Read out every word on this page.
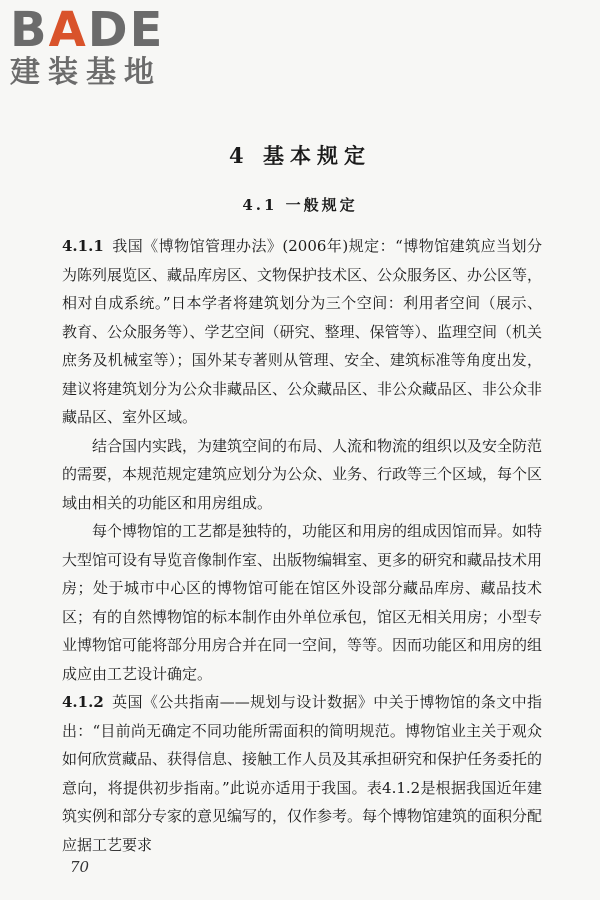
BADE
建装基地
4 基本规定
4.1 一般规定

4.1.1 我国《博物馆管理办法》(2006年)规定：“博物馆建筑应当划分为陈列展览区、藏品库房区、文物保护技术区、公众服务区、办公区等，相对自成系统。”日本学者将建筑划分为三个空间：利用者空间（展示、教育、公众服务等）、学艺空间（研究、整理、保管等）、监理空间（机关庶务及机械室等）；国外某专著则从管理、安全、建筑标准等角度出发，建议将建筑划分为公众非藏品区、公众藏品区、非公众藏品区、非公众非藏品区、室外区域。

结合国内实践，为建筑空间的布局、人流和物流的组织以及安全防范的需要，本规范规定建筑应划分为公众、业务、行政等三个区域，每个区域由相关的功能区和用房组成。

每个博物馆的工艺都是独特的，功能区和用房的组成因馆而异。如特大型馆可设有导览音像制作室、出版物编辑室、更多的研究和藏品技术用房；处于城市中心区的博物馆可能在馆区外设部分藏品库房、藏品技术区；有的自然博物馆的标本制作由外单位承包，馆区无相关用房；小型专业博物馆可能将部分用房合并在同一空间，等等。因而功能区和用房的组成应由工艺设计确定。

4.1.2 英国《公共指南——规划与设计数据》中关于博物馆的条文中指出：“目前尚无确定不同功能所需面积的简明规范。博物馆业主关于观众如何欣赏藏品、获得信息、接触工作人员及其承担研究和保护任务委托的意向，将提供初步指南。”此说亦适用于我国。表4.1.2是根据我国近年建筑实例和部分专家的意见编写的，仅作参考。每个博物馆建筑的面积分配应据工艺要求

70
